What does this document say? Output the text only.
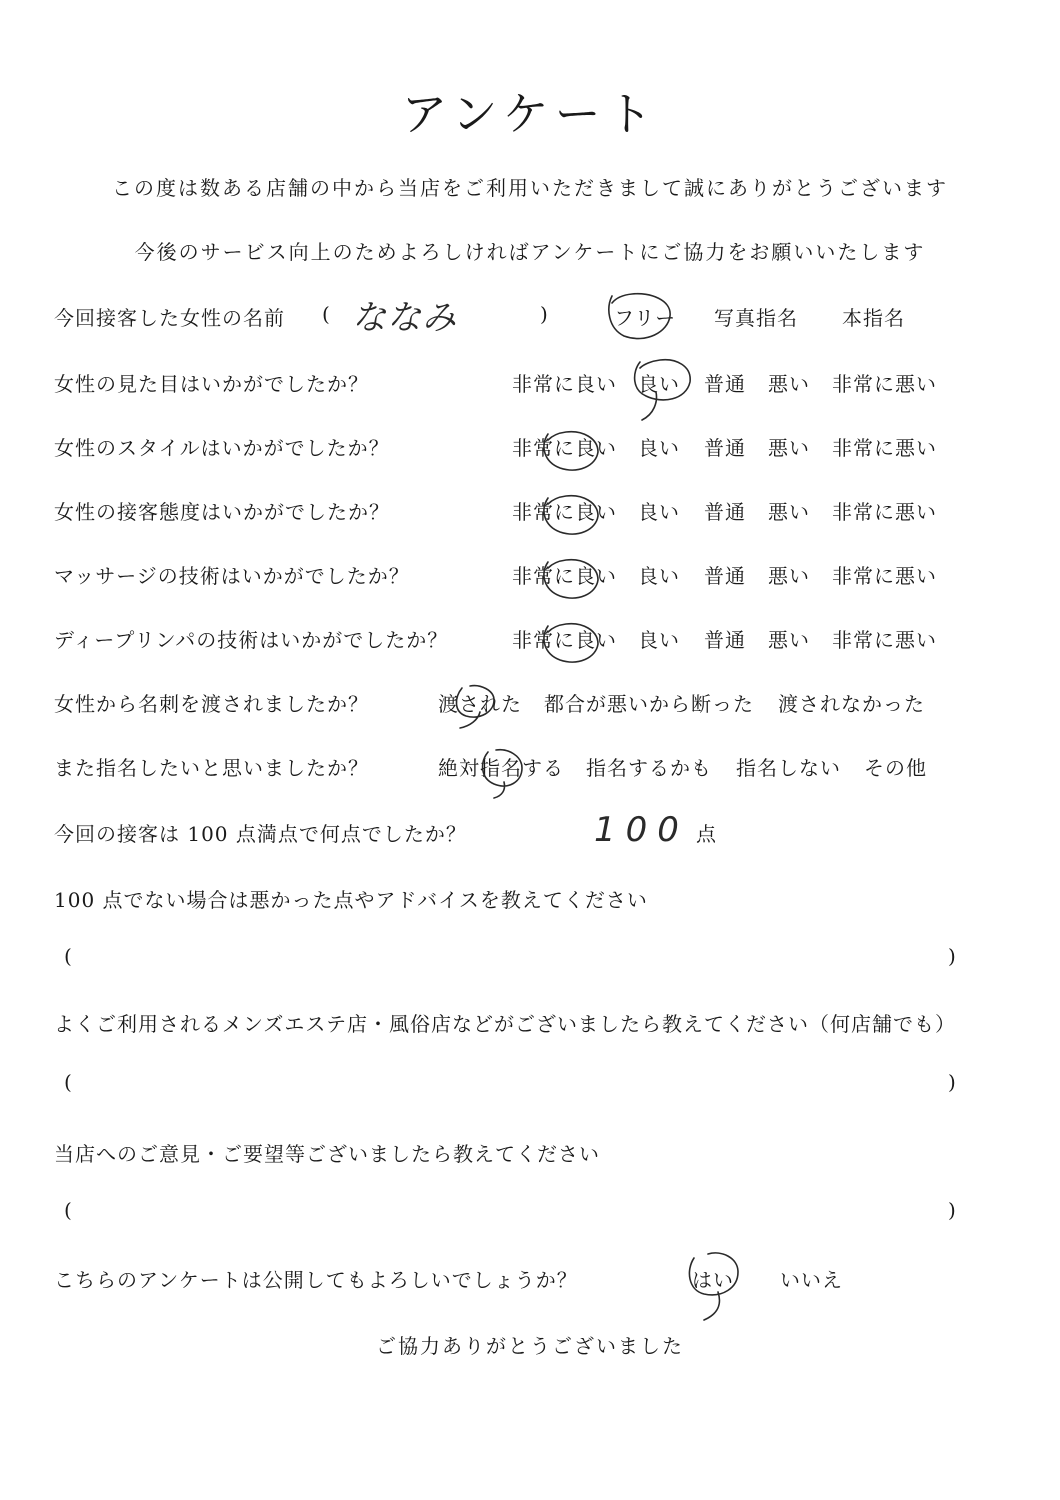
アンケート
この度は数ある店舗の中から当店をご利用いただきまして誠にありがとうございます
今後のサービス向上のためよろしければアンケートにご協力をお願いいたします
今回接客した女性の名前 ( ななみ	)	フリー 写真指名 本指名
女性の見た目はいかがでしたか？	非常に良い 良い 普通 悪い 非常に悪い
女性のスタイルはいかがでしたか？	非常に良い 良い 普通 悪い 非常に悪い
女性の接客態度はいかがでしたか？	非常に良い 良い 普通 悪い 非常に悪い
マッサージの技術はいかがでしたか？	非常に良い 良い 普通 悪い 非常に悪い
ディープリンパの技術はいかがでしたか？	非常に良い 良い 普通 悪い 非常に悪い
女性から名刺を渡されましたか？	渡された 都合が悪いから断った 渡されなかった
また指名したいと思いましたか？	絶対指名する 指名するかも 指名しない その他
今回の接客は 100 点満点で何点でしたか？	100 点
100 点でない場合は悪かった点やアドバイスを教えてください
(	)
よくご利用されるメンズエステ店・風俗店などがございましたら教えてください（何店舗でも）
(	)
当店へのご意見・ご要望等ございましたら教えてください
(	)
こちらのアンケートは公開してもよろしいでしょうか？	はい いいえ
ご協力ありがとうございました
